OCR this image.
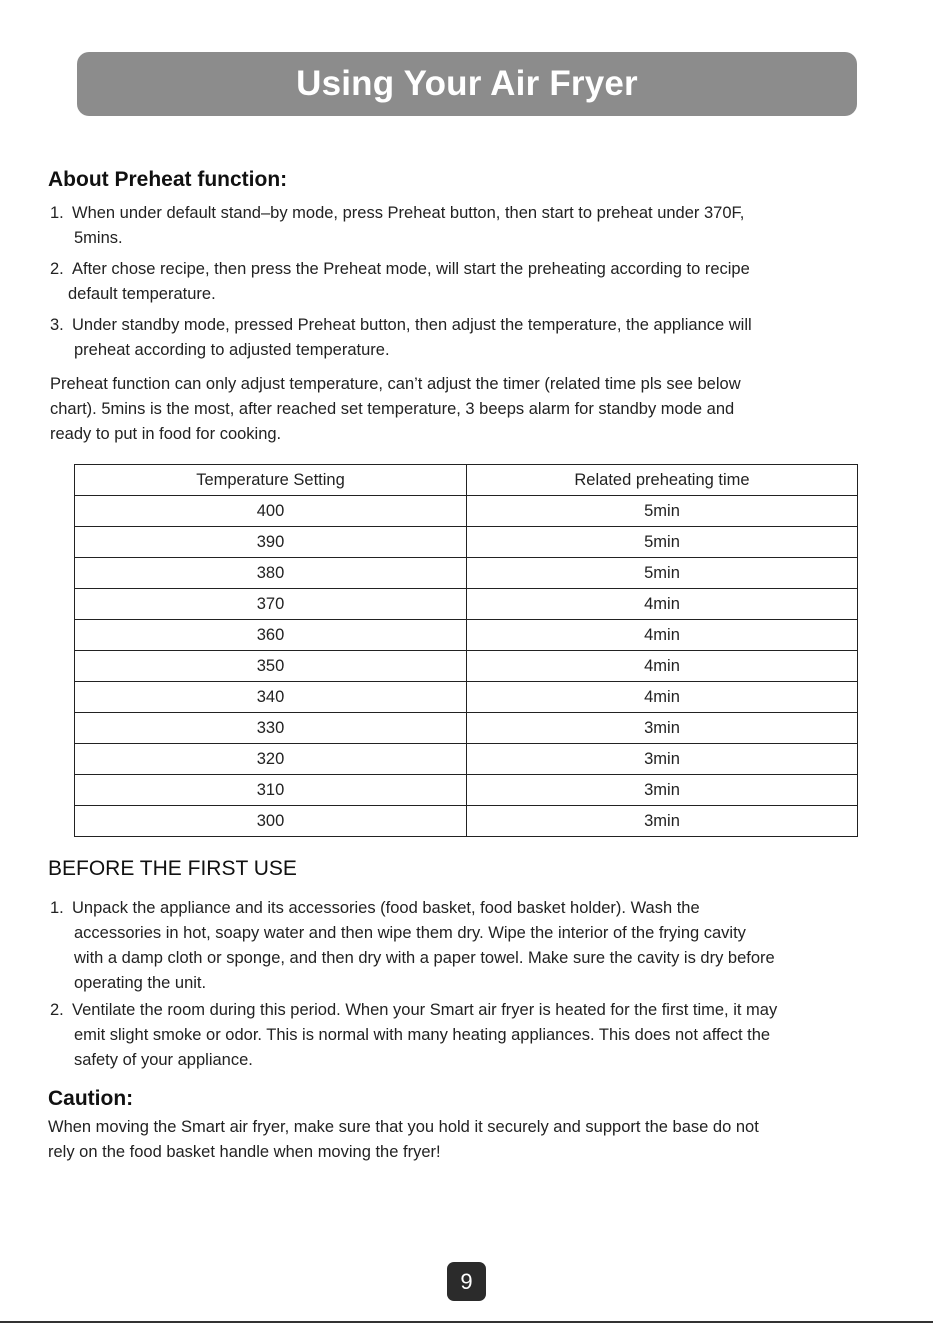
Using Your Air Fryer
About Preheat function:
1. When under default stand–by mode, press Preheat button, then start to preheat under 370F,
5mins.
2. After chose recipe, then press the Preheat mode, will start the preheating according to recipe
default temperature.
3. Under standby mode, pressed Preheat button, then adjust the temperature, the appliance will
preheat according to adjusted temperature.
Preheat function can only adjust temperature, can’t adjust the timer (related time pls see below
chart). 5mins is the most, after reached set temperature, 3 beeps alarm for standby mode and
ready to put in food for cooking.
Temperature Setting	Related preheating time
400	5min
390	5min
380	5min
370	4min
360	4min
350	4min
340	4min
330	3min
320	3min
310	3min
300	3min
BEFORE THE FIRST USE
1. Unpack the appliance and its accessories (food basket, food basket holder). Wash the
accessories in hot, soapy water and then wipe them dry. Wipe the interior of the frying cavity
with a damp cloth or sponge, and then dry with a paper towel. Make sure the cavity is dry before
operating the unit.
2. Ventilate the room during this period. When your Smart air fryer is heated for the first time, it may
emit slight smoke or odor. This is normal with many heating appliances. This does not affect the
safety of your appliance.
Caution:
When moving the Smart air fryer, make sure that you hold it securely and support the base do not
rely on the food basket handle when moving the fryer!
9
